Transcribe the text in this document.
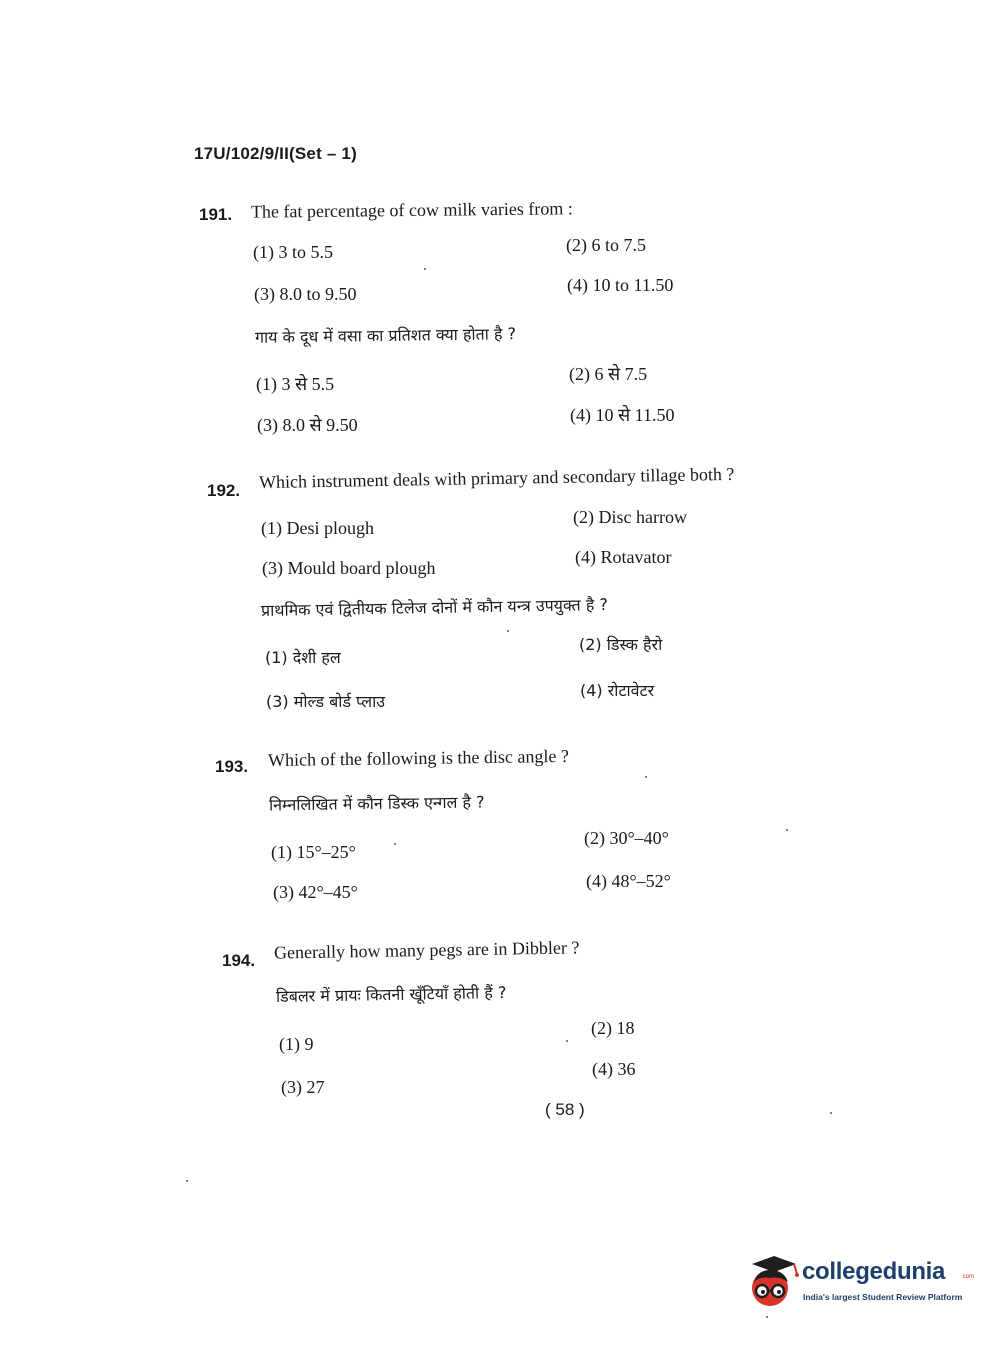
17U/102/9/II(Set – 1)
191. The fat percentage of cow milk varies from :
(1) 3 to 5.5	(2) 6 to 7.5
(3) 8.0 to 9.50	(4) 10 to 11.50
गाय के दूध में वसा का प्रतिशत क्या होता है ?
(1) 3 से 5.5	(2) 6 से 7.5
(3) 8.0 से 9.50	(4) 10 से 11.50
192. Which instrument deals with primary and secondary tillage both ?
(1) Desi plough
(2) Disc harrow
(3) Mould board plough
(4) Rotavator
प्राथमिक एवं द्वितीयक टिलेज दोनों में कौन यन्त्र उपयुक्त है ?
(1) देशी हल
(2) डिस्क हैरो
(3) मोल्ड बोर्ड प्लाउ
(4) रोटावेटर
193. Which of the following is the disc angle ?
निम्नलिखित में कौन डिस्क एन्गल है ?
(1) 15°–25°
(2) 30°–40°
(3) 42°–45°
(4) 48°–52°
194. Generally how many pegs are in Dibbler ?
डिबलर में प्रायः कितनी खूँटियाँ होती हैं ?
(1) 9
(2) 18
(3) 27
(4) 36
( 58 )
collegedunia	.com
India's largest Student Review Platform
